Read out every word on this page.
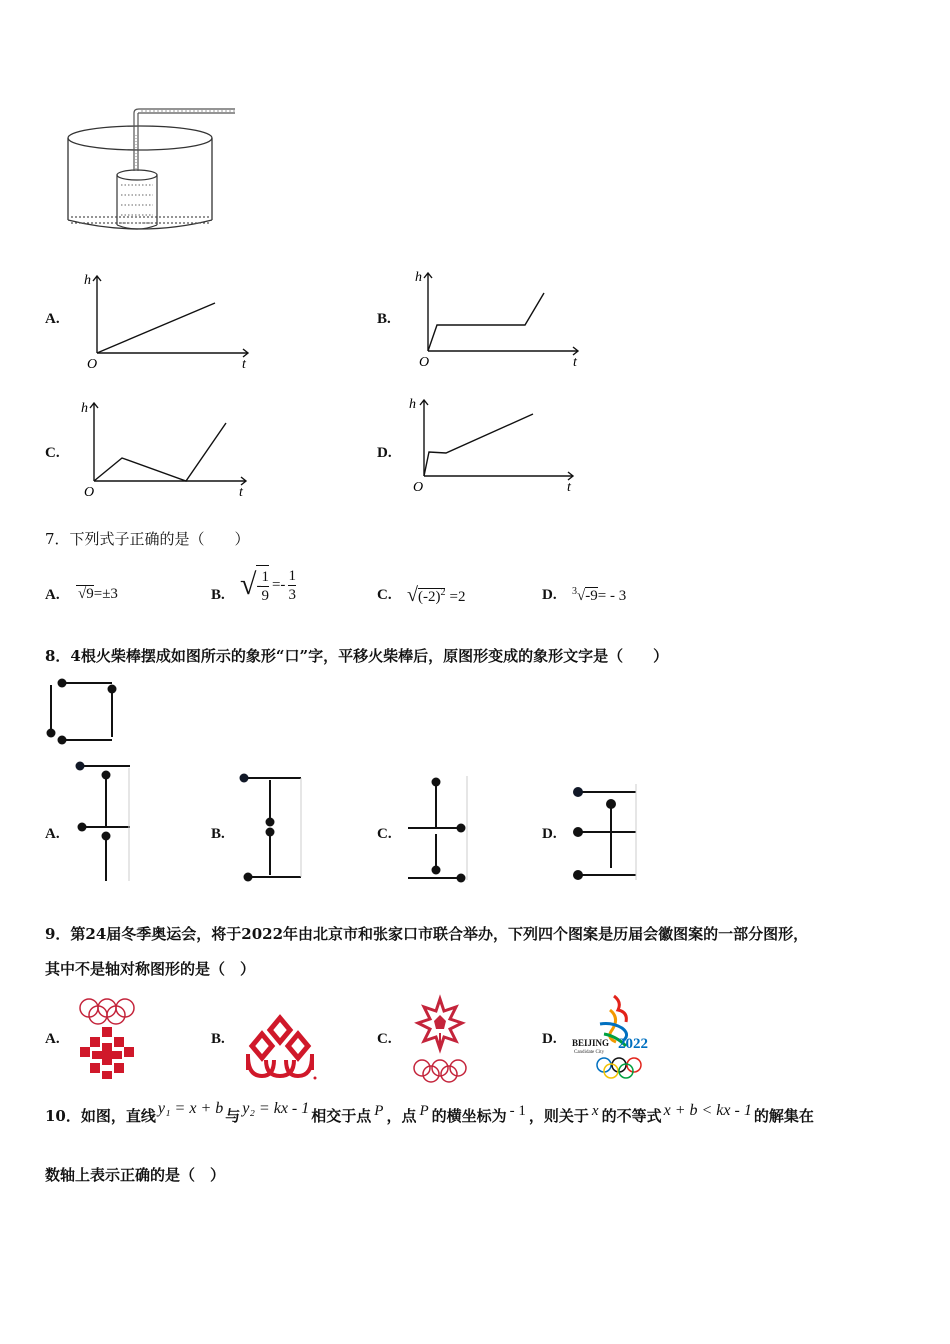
A.
h
t
O
B.
h
t
O
C.
h
t
O
D.
h
t
O
7．下列式子正确的是（　　）
A. √9=±3	B. √ - $\frac{1}{9} =- \frac{1}{3}$	C. $√(-2)^2 =2$	D. $^3$√-9= - 3
8．4根火柴棒摆成如图所示的象形“口”字，平移火柴棒后，原图形变成的象形文字是（　　）
A.	B.	C.	D.
9．第24届冬季奥运会，将于2022年由北京市和张家口市联合举办，下列四个图案是历届会徽图案的一部分图形，
其中不是轴对称图形的是（　）
A.	B.	C.	D. BEIJING
Candidate City
2022
10．如图，直线 y₁ = x + b 与 y₂ = kx - 1 相交于点 P ，点 P 的横坐标为 - 1 ，则关于 x 的不等式 x + b < kx - 1 的解集在
数轴上表示正确的是（　）
